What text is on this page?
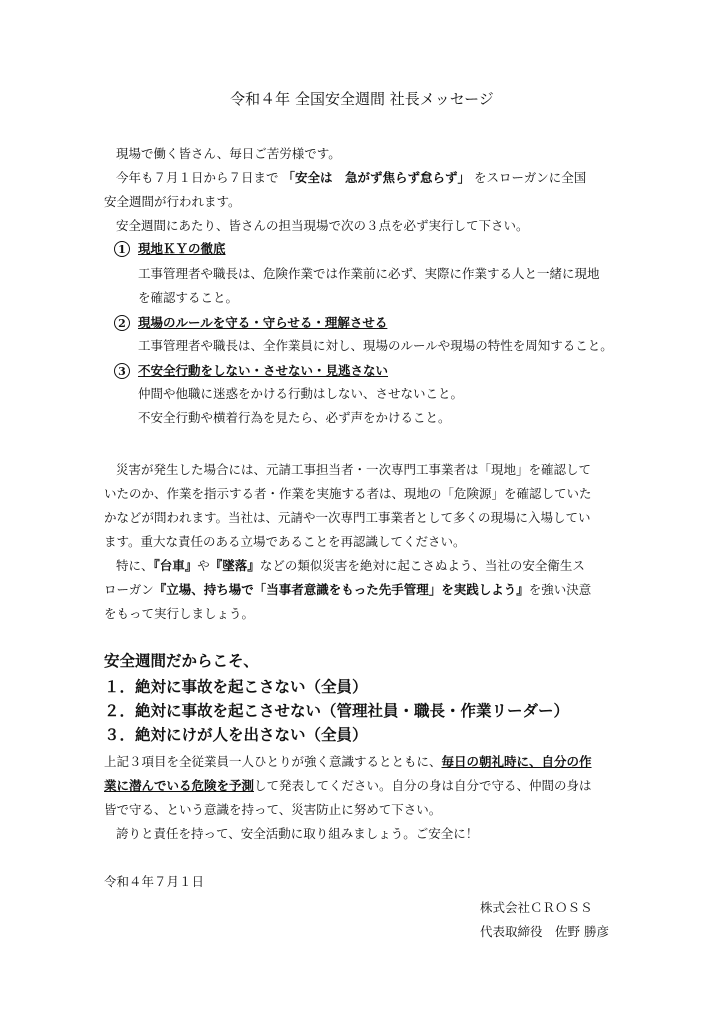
令和４年 全国安全週間 社長メッセージ
現場で働く皆さん、毎日ご苦労様です。
今年も７月１日から７日まで 「安全は　急がず焦らず怠らず」 をスローガンに全国
安全週間が行われます。
安全週間にあたり、皆さんの担当現場で次の３点を必ず実行して下さい。
1 現地ＫＹの徹底
工事管理者や職長は、危険作業では作業前に必ず、実際に作業する人と一緒に現地
を確認すること。
2 現場のルールを守る・守らせる・理解させる
工事管理者や職長は、全作業員に対し、現場のルールや現場の特性を周知すること。
3 不安全行動をしない・させない・見逃さない
仲間や他職に迷惑をかける行動はしない、させないこと。
不安全行動や横着行為を見たら、必ず声をかけること。
災害が発生した場合には、元請工事担当者・一次専門工事業者は「現地」を確認して
いたのか、作業を指示する者・作業を実施する者は、現地の「危険源」を確認していた
かなどが問われます。当社は、元請や一次専門工事業者として多くの現場に入場してい
ます。重大な責任のある立場であることを再認識してください。
特に、『台車』や『墜落』などの類似災害を絶対に起こさぬよう、当社の安全衛生ス
ローガン『立場、持ち場で「当事者意識をもった先手管理」を実践しよう』を強い決意
をもって実行しましょう。
安全週間だからこそ、
１．絶対に事故を起こさない（全員）
２．絶対に事故を起こさせない（管理社員・職長・作業リーダー）
３．絶対にけが人を出さない（全員）
上記３項目を全従業員一人ひとりが強く意識するとともに、毎日の朝礼時に、自分の作
業に潜んでいる危険を予測して発表してください。自分の身は自分で守る、仲間の身は
皆で守る、という意識を持って、災害防止に努めて下さい。
誇りと責任を持って、安全活動に取り組みましょう。ご安全に！
令和４年７月１日
株式会社ＣＲＯＳＳ
代表取締役　佐野 勝彦
